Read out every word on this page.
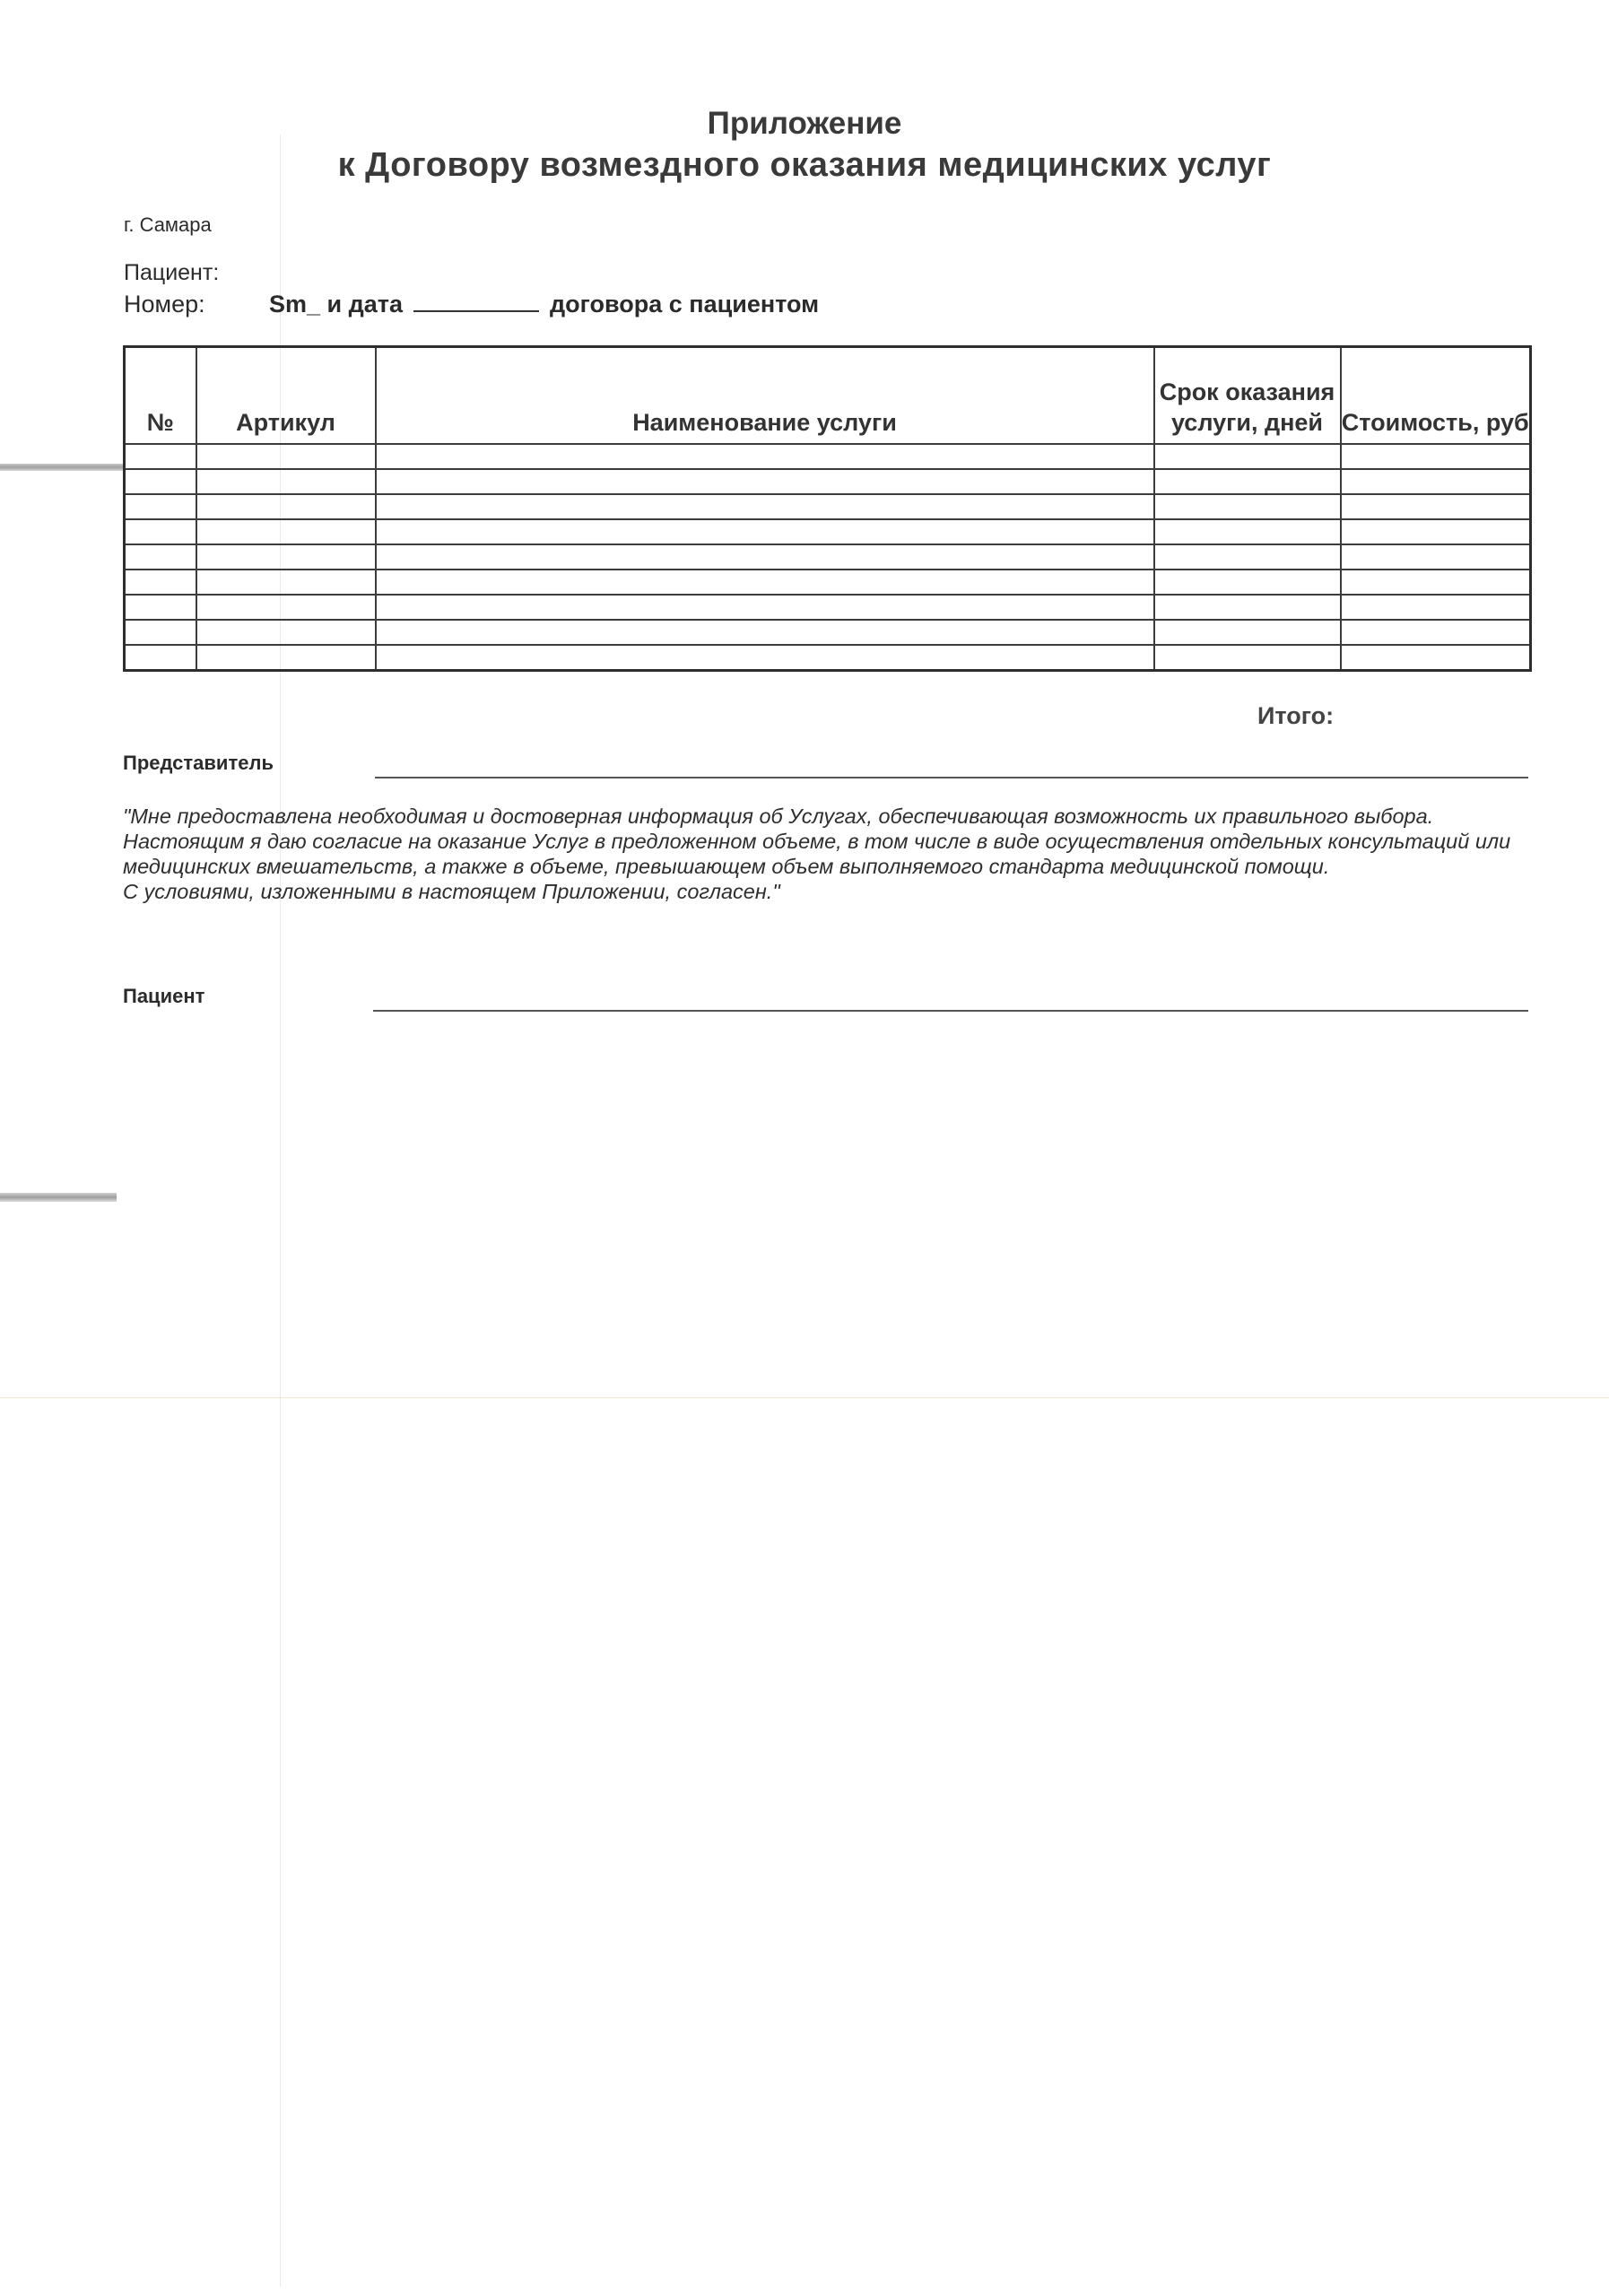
Приложение
к Договору возмездного оказания медицинских услуг
г. Самара
Пациент:
Номер:	Sm_ и дата	договора с пациентом
№	Артикул	Наименование услуги	Срок оказания услуги, дней	Стоимость, руб

Итого:
Представитель

"Мне предоставлена необходимая и достоверная информация об Услугах, обеспечивающая возможность их правильного выбора.

Настоящим я даю согласие на оказание Услуг в предложенном объеме, в том числе в виде осуществления отдельных консультаций или медицинских вмешательств, а также в объеме, превышающем объем выполняемого стандарта медицинской помощи.

С условиями, изложенными в настоящем Приложении, согласен."

Пациент
